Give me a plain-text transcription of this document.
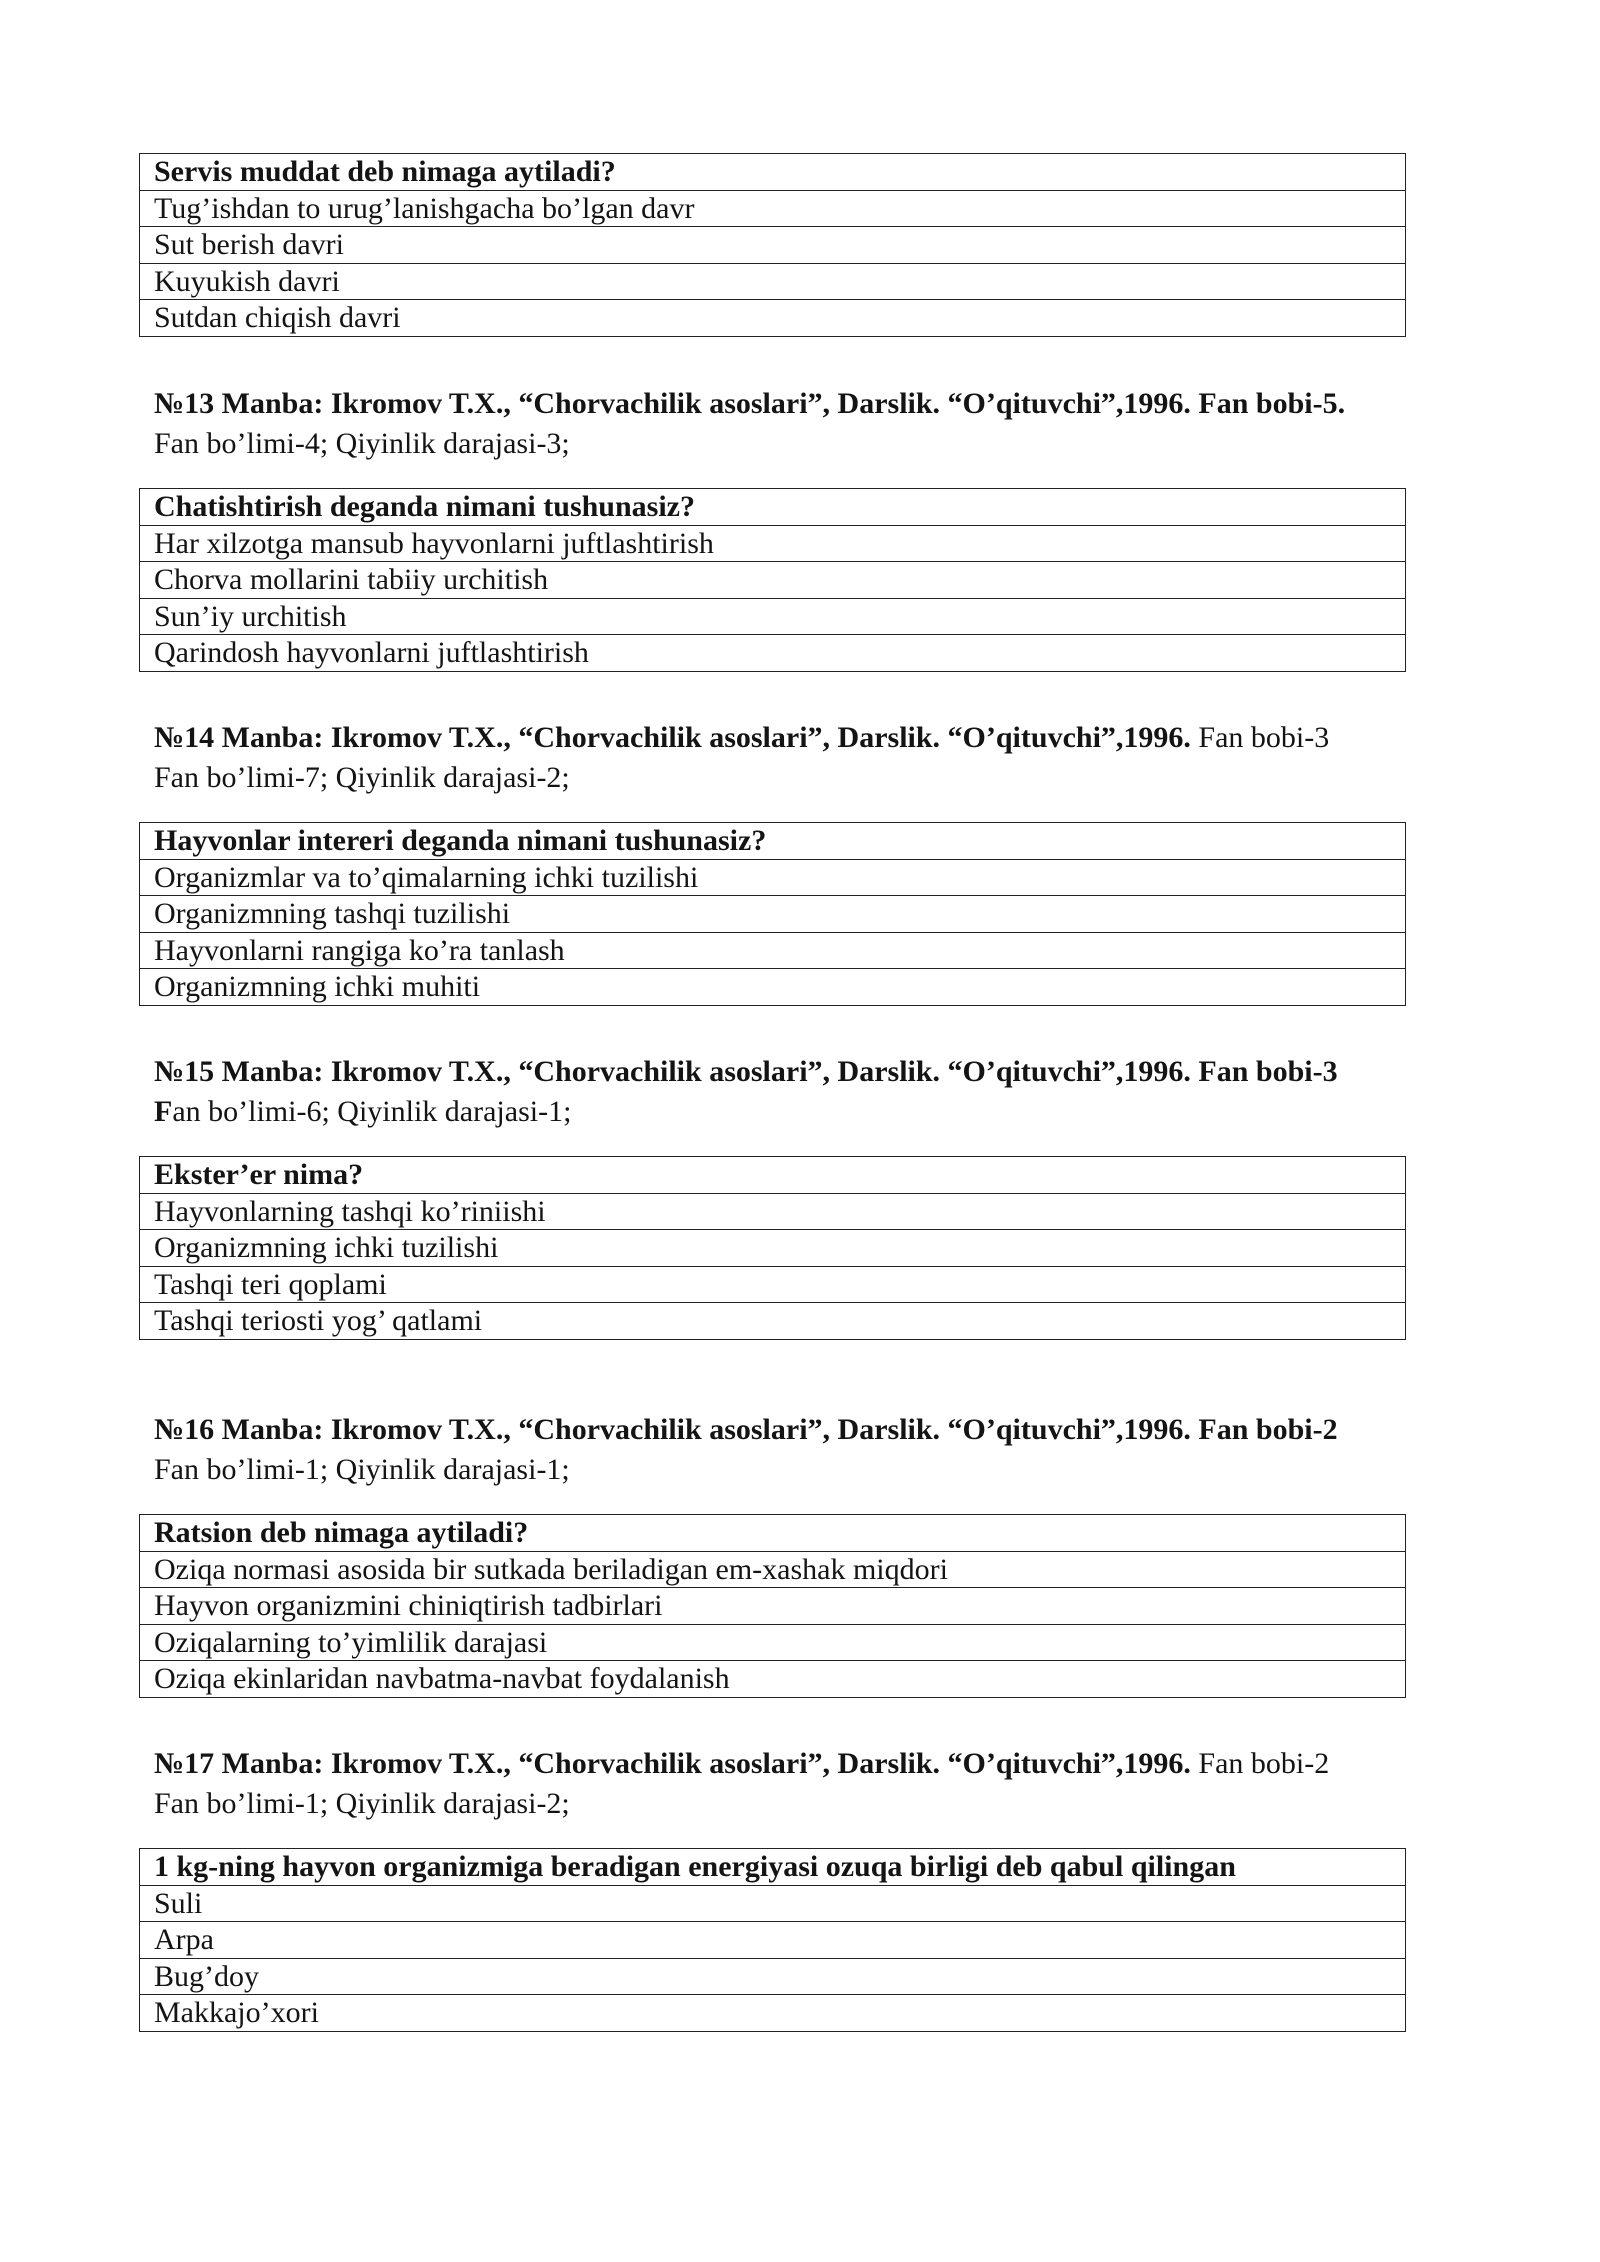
Servis muddat deb nimaga aytiladi?
Tug’ishdan to urug’lanishgacha bo’lgan davr
Sut berish davri
Kuyukish davri
Sutdan chiqish davri
№13 Manba: Ikromov T.X., “Chorvachilik asoslari”, Darslik. “O’qituvchi”,1996. Fan bobi-5.
Fan bo’limi-4; Qiyinlik darajasi-3;
Chatishtirish deganda nimani tushunasiz?
Har xilzotga mansub hayvonlarni juftlashtirish
Chorva mollarini tabiiy urchitish
Sun’iy urchitish
Qarindosh hayvonlarni juftlashtirish
№14 Manba: Ikromov T.X., “Chorvachilik asoslari”, Darslik. “O’qituvchi”,1996. Fan bobi-3
Fan bo’limi-7; Qiyinlik darajasi-2;
Hayvonlar intereri deganda nimani tushunasiz?
Organizmlar va to’qimalarning ichki tuzilishi
Organizmning tashqi tuzilishi
Hayvonlarni rangiga ko’ra tanlash
Organizmning ichki muhiti
№15 Manba: Ikromov T.X., “Chorvachilik asoslari”, Darslik. “O’qituvchi”,1996. Fan bobi-3
Fan bo’limi-6; Qiyinlik darajasi-1;
Ekster’er nima?
Hayvonlarning tashqi ko’riniishi
Organizmning ichki tuzilishi
Tashqi teri qoplami
Tashqi teriosti yog’ qatlami
№16 Manba: Ikromov T.X., “Chorvachilik asoslari”, Darslik. “O’qituvchi”,1996. Fan bobi-2
Fan bo’limi-1; Qiyinlik darajasi-1;
Ratsion deb nimaga aytiladi?
Oziqa normasi asosida bir sutkada beriladigan em-xashak miqdori
Hayvon organizmini chiniqtirish tadbirlari
Oziqalarning to’yimlilik darajasi
Oziqa ekinlaridan navbatma-navbat foydalanish
№17 Manba: Ikromov T.X., “Chorvachilik asoslari”, Darslik. “O’qituvchi”,1996. Fan bobi-2
Fan bo’limi-1; Qiyinlik darajasi-2;
1 kg-ning hayvon organizmiga beradigan energiyasi ozuqa birligi deb qabul qilingan
Suli
Arpa
Bug’doy
Makkajo’xori
